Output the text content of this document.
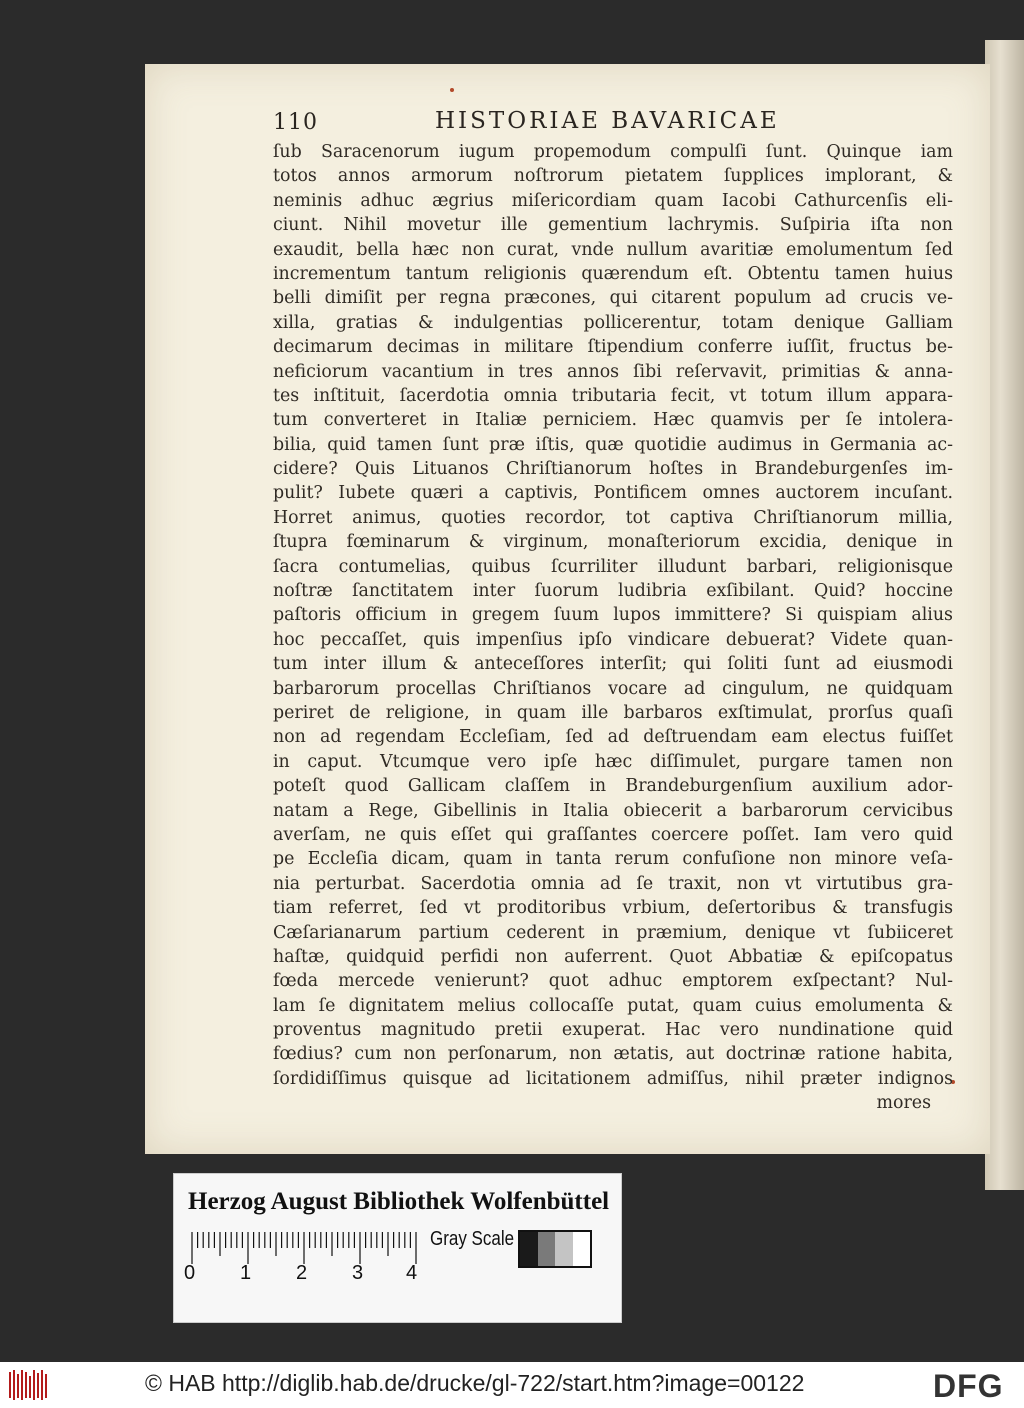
110	HISTORIAE BAVARICAE
ſub Saracenorum iugum propemodum compulſi ſunt. Quinque iam
totos annos armorum noſtrorum pietatem ſupplices implorant, &
neminis adhuc ægrius miſericordiam quam Iacobi Cathurcenſis eli-
ciunt. Nihil movetur ille gementium lachrymis. Suſpiria iſta non
exaudit, bella hæc non curat, vnde nullum avaritiæ emolumentum ſed
incrementum tantum religionis quærendum eſt. Obtentu tamen huius
belli dimiſit per regna præcones, qui citarent populum ad crucis ve-
xilla, gratias & indulgentias pollicerentur, totam denique Galliam
decimarum decimas in militare ſtipendium conferre iuſſit, fructus be-
neficiorum vacantium in tres annos ſibi reſervavit, primitias & anna-
tes inſtituit, ſacerdotia omnia tributaria fecit, vt totum illum appara-
tum converteret in Italiæ perniciem. Hæc quamvis per ſe intolera-
bilia, quid tamen ſunt præ iſtis, quæ quotidie audimus in Germania ac-
cidere? Quis Lituanos Chriſtianorum hoſtes in Brandeburgenſes im-
pulit? Iubete quæri a captivis, Pontificem omnes auctorem incuſant.
Horret animus, quoties recordor, tot captiva Chriſtianorum millia,
ſtupra fœminarum & virginum, monaſteriorum excidia, denique in
ſacra contumelias, quibus ſcurriliter illudunt barbari, religionisque
noſtræ ſanctitatem inter ſuorum ludibria exſibilant. Quid? hoccine
paſtoris officium in gregem ſuum lupos immittere? Si quispiam alius
hoc peccaſſet, quis impenſius ipſo vindicare debuerat? Videte quan-
tum inter illum & anteceſſores interſit; qui ſoliti ſunt ad eiusmodi
barbarorum procellas Chriſtianos vocare ad cingulum, ne quidquam
periret de religione, in quam ille barbaros exſtimulat, prorſus quaſi
non ad regendam Eccleſiam, ſed ad deſtruendam eam electus fuiſſet
in caput. Vtcumque vero ipſe hæc diſſimulet, purgare tamen non
poteſt quod Gallicam claſſem in Brandeburgenſium auxilium ador-
natam a Rege, Gibellinis in Italia obiecerit a barbarorum cervicibus
averſam, ne quis eſſet qui graſſantes coercere poſſet. Iam vero quid
pe Eccleſia dicam, quam in tanta rerum confuſione non minore veſa-
nia perturbat. Sacerdotia omnia ad ſe traxit, non vt virtutibus gra-
tiam referret, ſed vt proditoribus vrbium, deſertoribus & transfugis
Cæſarianarum partium cederent in præmium, denique vt ſubiiceret
haſtæ, quidquid perfidi non auferrent. Quot Abbatiæ & epiſcopatus
fœda mercede venierunt? quot adhuc emptorem exſpectant? Nul-
lam ſe dignitatem melius collocaſſe putat, quam cuius emolumenta &
proventus magnitudo pretii exuperat. Hac vero nundinatione quid
fœdius? cum non perſonarum, non ætatis, aut doctrinæ ratione habita,
ſordidiſſimus quisque ad licitationem admiſſus, nihil præter indignos
mores
Herzog August Bibliothek Wolfenbüttel
0 1 2 3 4
Gray Scale
© HAB http://diglib.hab.de/drucke/gl-722/start.htm?image=00122	DFG
